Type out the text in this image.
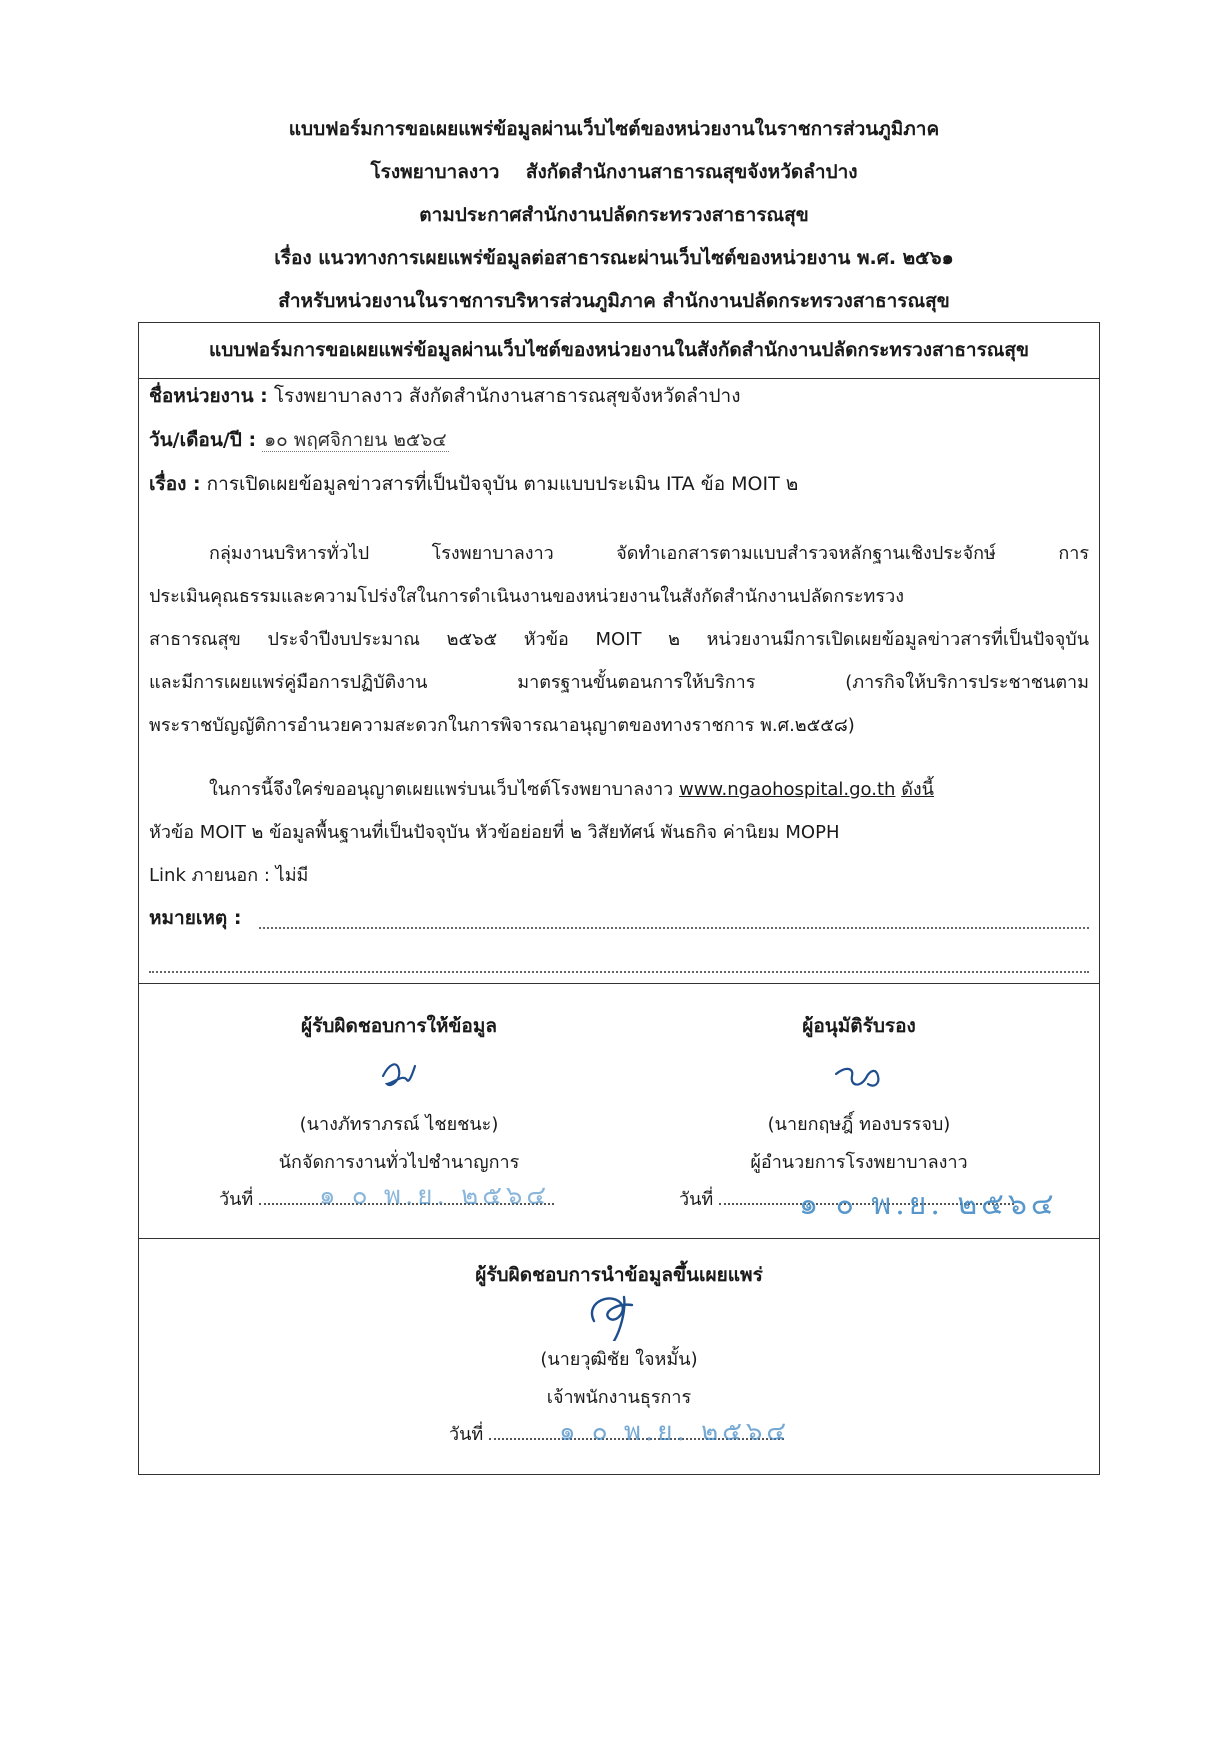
แบบฟอร์มการขอเผยแพร่ข้อมูลผ่านเว็บไซต์ของหน่วยงานในราชการส่วนภูมิภาค
โรงพยาบาลงาว    สังกัดสำนักงานสาธารณสุขจังหวัดลำปาง
ตามประกาศสำนักงานปลัดกระทรวงสาธารณสุข
เรื่อง แนวทางการเผยแพร่ข้อมูลต่อสาธารณะผ่านเว็บไซต์ของหน่วยงาน พ.ศ. ๒๕๖๑
สำหรับหน่วยงานในราชการบริหารส่วนภูมิภาค สำนักงานปลัดกระทรวงสาธารณสุข
แบบฟอร์มการขอเผยแพร่ข้อมูลผ่านเว็บไซต์ของหน่วยงานในสังกัดสำนักงานปลัดกระทรวงสาธารณสุข
ชื่อหน่วยงาน : โรงพยาบาลงาว สังกัดสำนักงานสาธารณสุขจังหวัดลำปาง
วัน/เดือน/ปี : ๑๐ พฤศจิกายน ๒๕๖๔
เรื่อง : การเปิดเผยข้อมูลข่าวสารที่เป็นปัจจุบัน ตามแบบประเมิน ITA ข้อ MOIT ๒
กลุ่มงานบริหารทั่วไป โรงพยาบาลงาว จัดทำเอกสารตามแบบสำรวจหลักฐานเชิงประจักษ์ การ
ประเมินคุณธรรมและความโปร่งใสในการดำเนินงานของหน่วยงานในสังกัดสำนักงานปลัดกระทรวง
สาธารณสุข ประจำปีงบประมาณ ๒๕๖๕ หัวข้อ MOIT ๒ หน่วยงานมีการเปิดเผยข้อมูลข่าวสารที่เป็นปัจจุบัน
และมีการเผยแพร่คู่มือการปฏิบัติงาน มาตรฐานขั้นตอนการให้บริการ (ภารกิจให้บริการประชาชนตาม
พระราชบัญญัติการอำนวยความสะดวกในการพิจารณาอนุญาตของทางราชการ พ.ศ.๒๕๕๘)
ในการนี้จึงใคร่ขออนุญาตเผยแพร่บนเว็บไซต์โรงพยาบาลงาว www.ngaohospital.go.th ดังนี้
หัวข้อ MOIT ๒ ข้อมูลพื้นฐานที่เป็นปัจจุบัน หัวข้อย่อยที่ ๒ วิสัยทัศน์ พันธกิจ ค่านิยม MOPH
Link ภายนอก : ไม่มี
หมายเหตุ :
ผู้รับผิดชอบการให้ข้อมูล
(นางภัทราภรณ์ ไชยชนะ)
นักจัดการงานทั่วไปชำนาญการ
วันที่	๑ ๐ พ.ย. ๒๕๖๔
ผู้อนุมัติรับรอง
(นายกฤษฎิ์ ทองบรรจบ)
ผู้อำนวยการโรงพยาบาลงาว
วันที่	๑ ๐ พ.ย. ๒๕๖๔
ผู้รับผิดชอบการนำข้อมูลขึ้นเผยแพร่
(นายวุฒิชัย ใจหมั้น)
เจ้าพนักงานธุรการ
วันที่	๑ ๐ พ.ย. ๒๕๖๔
